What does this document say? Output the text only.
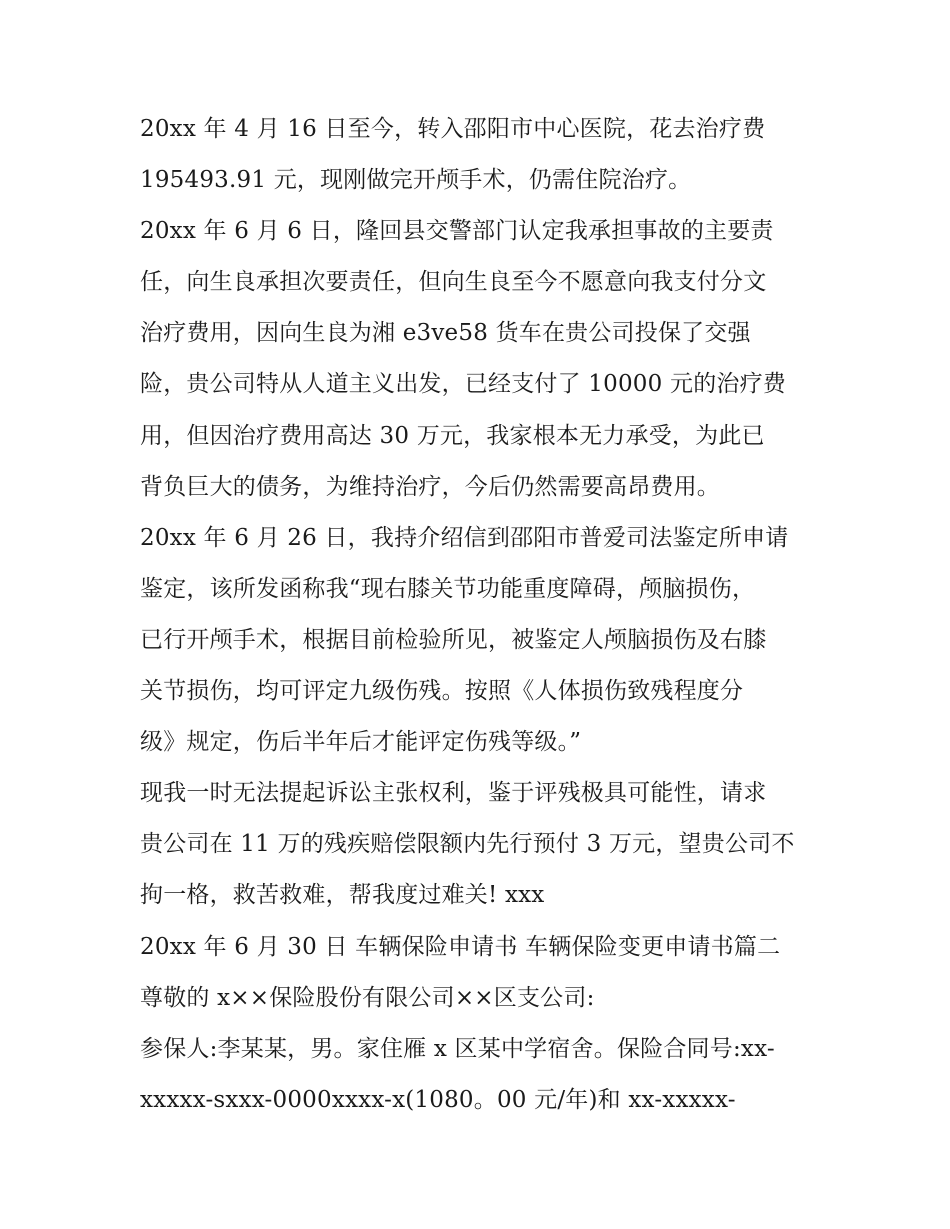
20xx 年 4 月 16 日至今，转入邵阳市中心医院，花去治疗费
195493.91 元，现刚做完开颅手术，仍需住院治疗。
20xx 年 6 月 6 日，隆回县交警部门认定我承担事故的主要责
任，向生良承担次要责任，但向生良至今不愿意向我支付分文
治疗费用，因向生良为湘 e3ve58 货车在贵公司投保了交强
险，贵公司特从人道主义出发，已经支付了 10000 元的治疗费
用，但因治疗费用高达 30 万元，我家根本无力承受，为此已
背负巨大的债务，为维持治疗，今后仍然需要高昂费用。
20xx 年 6 月 26 日，我持介绍信到邵阳市普爱司法鉴定所申请
鉴定，该所发函称我“现右膝关节功能重度障碍，颅脑损伤，
已行开颅手术，根据目前检验所见，被鉴定人颅脑损伤及右膝
关节损伤，均可评定九级伤残。按照《人体损伤致残程度分
级》规定，伤后半年后才能评定伤残等级。”
现我一时无法提起诉讼主张权利，鉴于评残极具可能性，请求
贵公司在 11 万的残疾赔偿限额内先行预付 3 万元，望贵公司不
拘一格，救苦救难，帮我度过难关! xxx
20xx 年 6 月 30 日 车辆保险申请书 车辆保险变更申请书篇二
尊敬的 x××保险股份有限公司××区支公司:
参保人:李某某，男。家住雁 x 区某中学宿舍。保险合同号:xx-
xxxxx-sxxx-0000xxxx-x(1080。00 元/年)和 xx-xxxxx-
